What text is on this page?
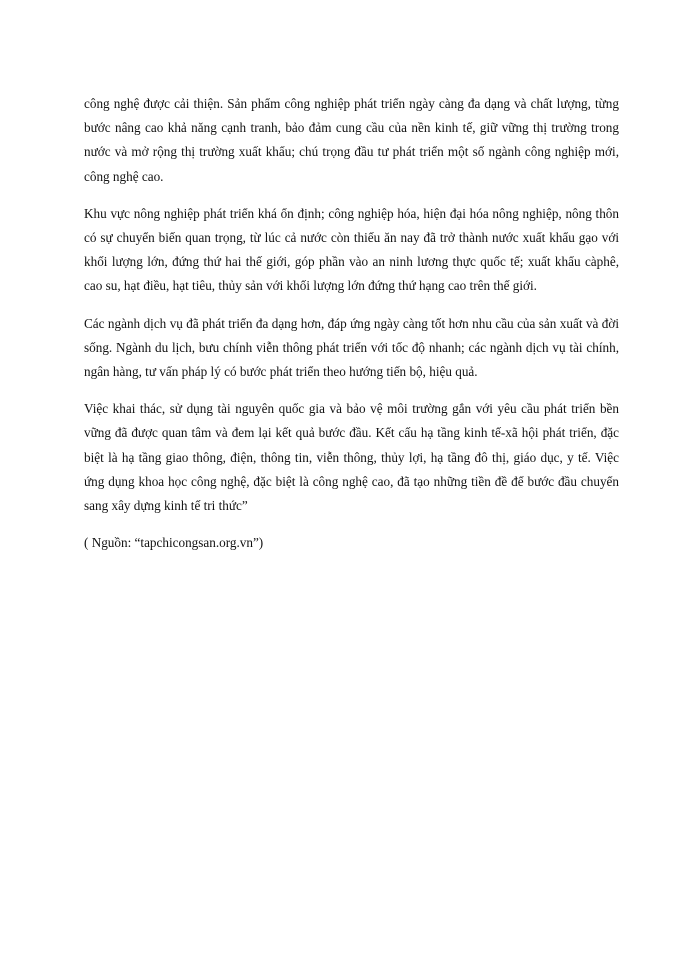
công nghệ được cải thiện. Sản phẩm công nghiệp phát triển ngày càng đa dạng và chất lượng, từng bước nâng cao khả năng cạnh tranh, bảo đảm cung cầu của nền kinh tế, giữ vững thị trường trong nước và mở rộng thị trường xuất khẩu; chú trọng đầu tư phát triển một số ngành công nghiệp mới, công nghệ cao.

Khu vực nông nghiệp phát triển khá ổn định; công nghiệp hóa, hiện đại hóa nông nghiệp, nông thôn có sự chuyển biến quan trọng, từ lúc cả nước còn thiếu ăn nay đã trở thành nước xuất khẩu gạo với khối lượng lớn, đứng thứ hai thế giới, góp phần vào an ninh lương thực quốc tế; xuất khẩu càphê, cao su, hạt điều, hạt tiêu, thủy sản với khối lượng lớn đứng thứ hạng cao trên thế giới.

Các ngành dịch vụ đã phát triển đa dạng hơn, đáp ứng ngày càng tốt hơn nhu cầu của sản xuất và đời sống. Ngành du lịch, bưu chính viễn thông phát triển với tốc độ nhanh; các ngành dịch vụ tài chính, ngân hàng, tư vấn pháp lý có bước phát triển theo hướng tiến bộ, hiệu quả.

Việc khai thác, sử dụng tài nguyên quốc gia và bảo vệ môi trường gắn với yêu cầu phát triển bền vững đã được quan tâm và đem lại kết quả bước đầu. Kết cấu hạ tầng kinh tế-xã hội phát triển, đặc biệt là hạ tầng giao thông, điện, thông tin, viễn thông, thủy lợi, hạ tầng đô thị, giáo dục, y tế. Việc ứng dụng khoa học công nghệ, đặc biệt là công nghệ cao, đã tạo những tiền đề để bước đầu chuyển sang xây dựng kinh tế tri thức”

( Nguồn: “tapchicongsan.org.vn”)
